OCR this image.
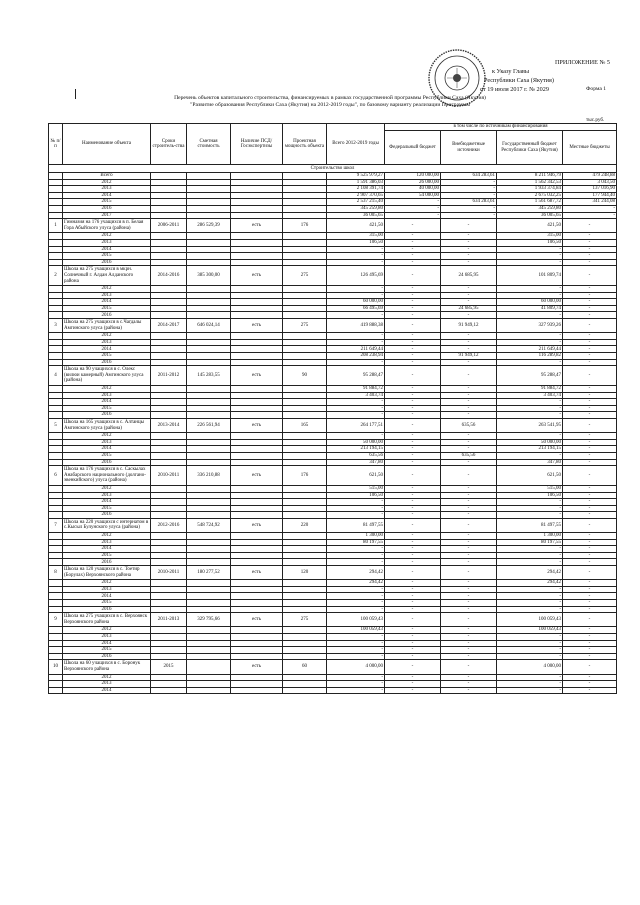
ПРИЛОЖЕНИЕ № 5
к Указу Главы
Республики Саха (Якутия)
от 19 июля 2017 г. № 2029	Форма 1
Перечень объектов капитального строительства, финансируемых в рамках государственной программы Республики Саха (Якутия)
"Развитие образования Республики Саха (Якутия) на 2012-2019 годы", по базовому варианту реализации Программы
тыс.руб.
№ п/п	Наименование объекта	Сроки строитель-ства	Сметная стоимость	Наличие ПСД/ Госэкспертизы	Проектная мощность объекта	Всего 2012-2019 годы	в том числе по источникам финансирования			
							Федеральный бюджет	Внебюджетные источники	Государственный бюджет Республики Саха (Якутия)	Местные бюджеты
Строительство школ										
	Всего					9 525 979,27	120 000,00	634 283,61	8 211 946,79	479 248,88
	2012					1 591 386,03	26 000,00	-	1 562 342,53	3 043,50
	2013					2 108 391,74	40 000,00	-	1 933 374,84	137 016,90
	2014					2 907 370,65	54 000,00	-	2 675 032,25	177 944,40
	2015					2 537 215,40	-	634 283,61	1 561 687,72	341 244,08
	2016					345 259,80	-	-	345 259,80	-
	2017					36 005,65	-	-	36 005,65	-
1	Гимназия на 176 учащихся в п. Белая Гора Абыйского улуса (района)	2006-2011	286 529,39	есть	176	421,50	-	-	421,50	-
	2012					315,00	-	-	315,00	-
	2013					106,50	-	-	106,50	-
	2014					-	-	-	-	-
	2015					-	-	-	-	-
	2016					-	-	-	-	-
2	Школа на 275 учащихся в мкрн. Солнечный г. Алдан Алданского района	2014-2016	385 300,00	есть	275	126 495,69	-	24 685,95	101 809,74	-
	2012					-	-	-	-	-
	2013					-	-	-	-	-
	2014					60 000,00	-	-	60 000,00	-
	2015					66 495,69	-	24 685,95	41 809,74	-
	2016					-	-	-	-	-
3	Школа на 275 учащихся в с.Чагдалы Амгинского улуса (района)	2014-2017	646 024,14	есть	275	419 888,38	-	91 949,12	327 939,26	-
	2012					-	-	-	-	-
	2013					-	-	-	-	-
	2014					211 649,44	-	-	211 649,44	-
	2015					208 238,94	-	91 949,12	116 289,82	-
	2016					-	-	-	-	-
4	Школа на 90 учащихся в с. Олекс (вилюи камерный) Амгинского улуса (района)	2011-2012	145 283,55	есть	90	95 288,47	-	-	95 288,47	-
	2012					91 884,72	-	-	91 884,72	-
	2013					3 403,74	-	-	3 403,74	-
	2014					-	-	-	-	-
	2015					-	-	-	-	-
	2016					-	-	-	-	-
5	Школа на 165 учащихся в с. Алтанцы Амгинского улуса (района)	2013-2014	226 561,94	есть	165	264 177,51	-	635,56	263 541,95	-
	2012					-	-	-	-	-
	2013					50 000,00	-	-	50 000,00	-
	2014					213 194,15	-	-	213 194,15	-
	2015					635,56	-	635,56	-	-
	2016					347,80	-	-	347,80	-
6	Школа на 176 учащихся в с. Саскылах Анабарского национального (долгано-эвенкийского) улуса (района)	2010-2011	336 210,88	есть	176	621,50	-	-	621,50	-
	2012					515,00	-	-	515,00	-
	2013					106,50	-	-	106,50	-
	2014					-	-	-	-	-
	2015					-	-	-	-	-
	2016					-	-	-	-	-
7	Школа на 220 учащихся с интернатом в с.Кысыл Булунского улуса (района)	2012-2016	548 724,92	есть	220	81 497,55	-	-	81 497,55	-
	2012					1 300,00	-	-	1 300,00	-
	2013					80 197,55	-	-	80 197,55	-
	2014					-	-	-	-	-
	2015					-	-	-	-	-
	2016					-	-	-	-	-
8	Школа на 120 учащихся в с. Тоетир (Борулах) Верхоянского района	2010-2011	180 277,52	есть	120	294,42	-	-	294,42	-
	2012					294,42	-	-	294,42	-
	2013					-	-	-	-	-
	2014					-	-	-	-	-
	2015					-	-	-	-	-
	2016					-	-	-	-	-
9	Школа на 275 учащихся в с. Верхоянск Верхоянского района	2011-2013	329 795,66	есть	275	100 059,43	-	-	100 059,43	-
	2012					100 059,43	-	-	100 059,43	-
	2013					-	-	-	-	-
	2014					-	-	-	-	-
	2015					-	-	-	-	-
	2016					-	-	-	-	-
10	Школа на 60 учащихся в с. Боронук Верхоянского района	2015		есть	60	4 000,00	-	-	4 000,00	-
	2012					-	-	-	-	-
	2013					-	-	-	-	-
	2014					-	-	-	-	-
